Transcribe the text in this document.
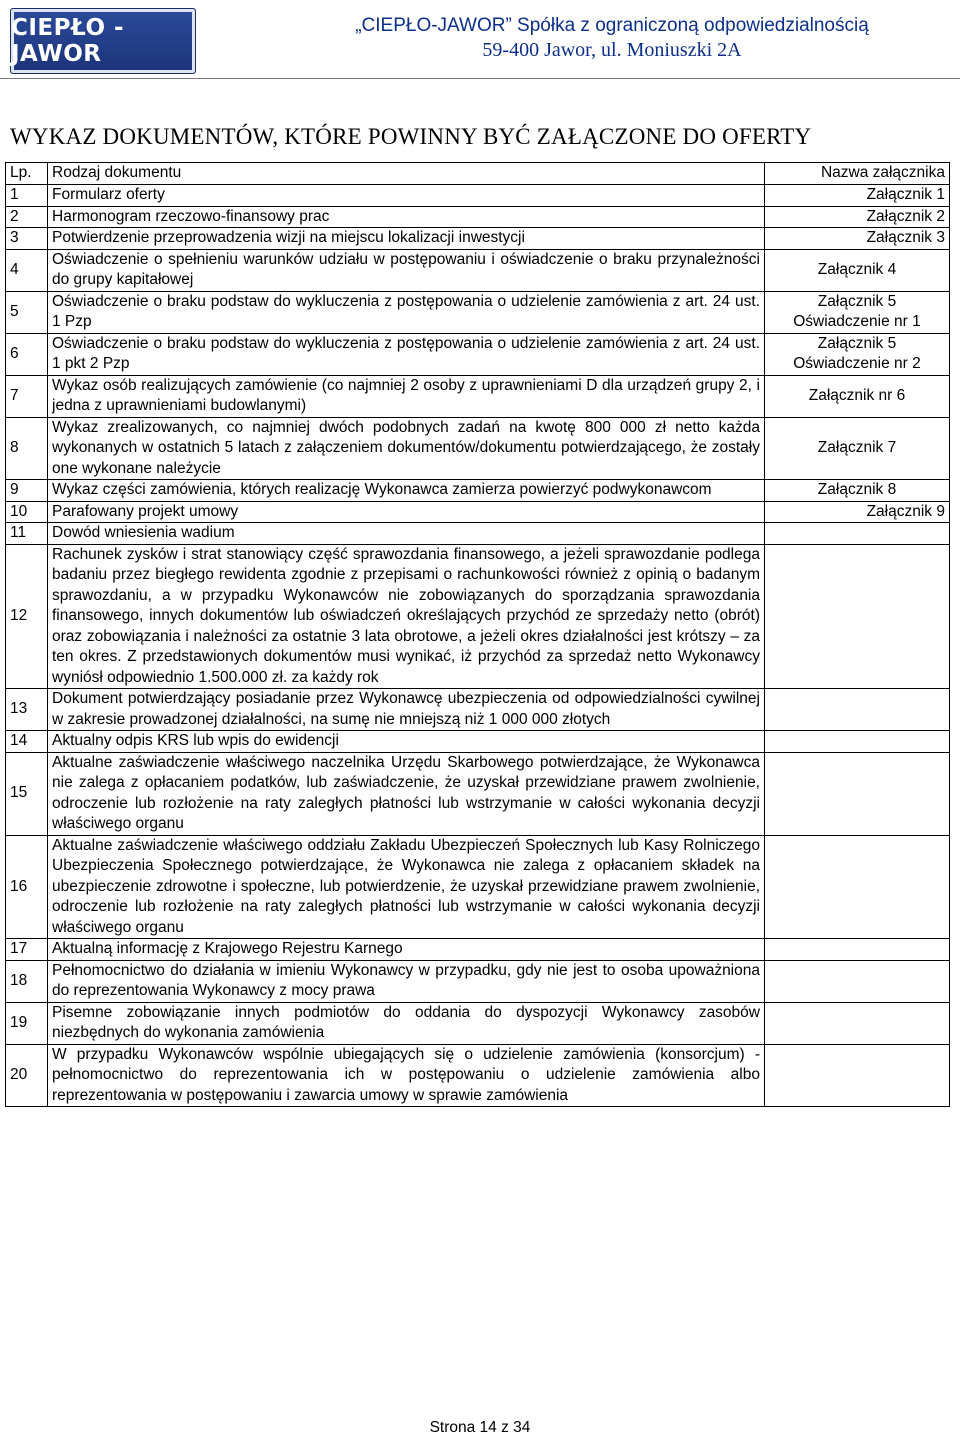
CIEPŁO - JAWOR
„CIEPŁO-JAWOR” Spółka z ograniczoną odpowiedzialnością
59-400 Jawor, ul. Moniuszki 2A
WYKAZ DOKUMENTÓW, KTÓRE POWINNY BYĆ ZAŁĄCZONE DO OFERTY
Lp.	Rodzaj dokumentu	Nazwa załącznika
1	Formularz oferty	Załącznik 1
2	Harmonogram rzeczowo-finansowy prac	Załącznik 2
3	Potwierdzenie przeprowadzenia wizji na miejscu lokalizacji inwestycji	Załącznik 3
4	Oświadczenie o spełnieniu warunków udziału w postępowaniu i oświadczenie o braku przynależności do grupy kapitałowej	Załącznik 4
5	Oświadczenie o braku podstaw do wykluczenia z postępowania o udzielenie zamówienia z art. 24 ust. 1 Pzp	Załącznik 5 Oświadczenie nr 1
6	Oświadczenie o braku podstaw do wykluczenia z postępowania o udzielenie zamówienia z art. 24 ust. 1 pkt 2 Pzp	Załącznik 5 Oświadczenie nr 2
7	Wykaz osób realizujących zamówienie (co najmniej 2 osoby z uprawnieniami D dla urządzeń grupy 2, i jedna z uprawnieniami budowlanymi)	Załącznik nr 6
8	Wykaz zrealizowanych, co najmniej dwóch podobnych zadań na kwotę 800 000 zł netto każda wykonanych w ostatnich 5 latach z załączeniem dokumentów/dokumentu potwierdzającego, że zostały one wykonane należycie	Załącznik 7
9	Wykaz części zamówienia, których realizację Wykonawca zamierza powierzyć podwykonawcom	Załącznik 8
10	Parafowany projekt umowy	Załącznik 9
11	Dowód wniesienia wadium	
12	Rachunek zysków i strat stanowiący część sprawozdania finansowego, a jeżeli sprawozdanie podlega badaniu przez biegłego rewidenta zgodnie z przepisami o rachunkowości również z opinią o badanym sprawozdaniu, a w przypadku Wykonawców nie zobowiązanych do sporządzania sprawozdania finansowego, innych dokumentów lub oświadczeń określających przychód ze sprzedaży netto (obrót) oraz zobowiązania i należności za ostatnie 3 lata obrotowe, a jeżeli okres działalności jest krótszy – za ten okres. Z przedstawionych dokumentów musi wynikać, iż przychód za sprzedaż netto Wykonawcy wyniósł odpowiednio 1.500.000 zł. za każdy rok	
13	Dokument potwierdzający posiadanie przez Wykonawcę ubezpieczenia od odpowiedzialności cywilnej w zakresie prowadzonej działalności, na sumę nie mniejszą niż 1 000 000 złotych	
14	Aktualny odpis KRS lub wpis do ewidencji	
15	Aktualne zaświadczenie właściwego naczelnika Urzędu Skarbowego potwierdzające, że Wykonawca nie zalega z opłacaniem podatków, lub zaświadczenie, że uzyskał przewidziane prawem zwolnienie, odroczenie lub rozłożenie na raty zaległych płatności lub wstrzymanie w całości wykonania decyzji właściwego organu	
16	Aktualne zaświadczenie właściwego oddziału Zakładu Ubezpieczeń Społecznych lub Kasy Rolniczego Ubezpieczenia Społecznego potwierdzające, że Wykonawca nie zalega z opłacaniem składek na ubezpieczenie zdrowotne i społeczne, lub potwierdzenie, że uzyskał przewidziane prawem zwolnienie, odroczenie lub rozłożenie na raty zaległych płatności lub wstrzymanie w całości wykonania decyzji właściwego organu	
17	Aktualną informację z Krajowego Rejestru Karnego	
18	Pełnomocnictwo do działania w imieniu Wykonawcy w przypadku, gdy nie jest to osoba upoważniona do reprezentowania Wykonawcy z mocy prawa	
19	Pisemne zobowiązanie innych podmiotów do oddania do dyspozycji Wykonawcy zasobów niezbędnych do wykonania zamówienia	
20	W przypadku Wykonawców wspólnie ubiegających się o udzielenie zamówienia (konsorcjum) - pełnomocnictwo do reprezentowania ich w postępowaniu o udzielenie zamówienia albo reprezentowania w postępowaniu i zawarcia umowy w sprawie zamówienia	
Strona 14 z 34
